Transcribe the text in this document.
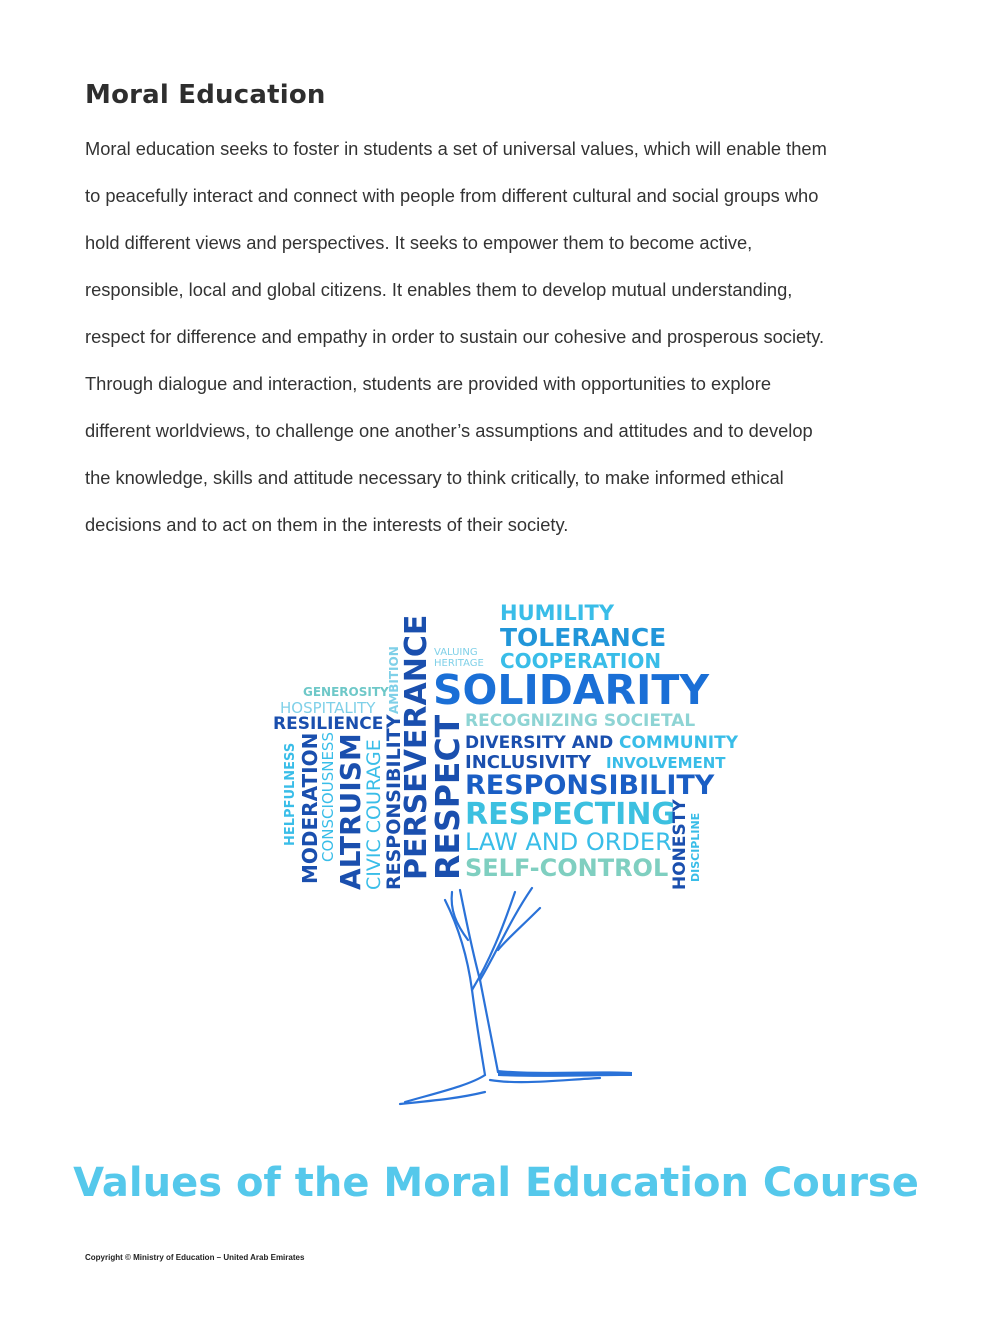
Moral Education
Moral education seeks to foster in students a set of universal values, which will enable them
to peacefully interact and connect with people from different cultural and social groups who
hold different views and perspectives. It seeks to empower them to become active,
responsible, local and global citizens. It enables them to develop mutual understanding,
respect for difference and empathy in order to sustain our cohesive and prosperous society.
Through dialogue and interaction, students are provided with opportunities to explore
different worldviews, to challenge one another’s assumptions and attitudes and to develop
the knowledge, skills and attitude necessary to think critically, to make informed ethical
decisions and to act on them in the interests of their society.
HUMILITY
TOLERANCE
VALUING
HERITAGE COOPERATION
GENEROSITY
HOSPITALITY SOLIDARITY
RESILIENCE	RECOGNIZING SOCIETAL
DIVERSITY AND COMMUNITY
INCLUSIVITY INVOLVEMENT
RESPONSIBILITY
RESPECTING
LAW AND ORDER
SELF-CONTROL
HELPFULNESS MODERATION
CONSCIOUSNESS
ALTRUISM
CIVIC COURAGE
RESPONSIBILITY
AMBITION
PERSEVERANCE
RESPECT	HONESTY DISCIPLINE
Values of the Moral Education Course
Copyright © Ministry of Education – United Arab Emirates
